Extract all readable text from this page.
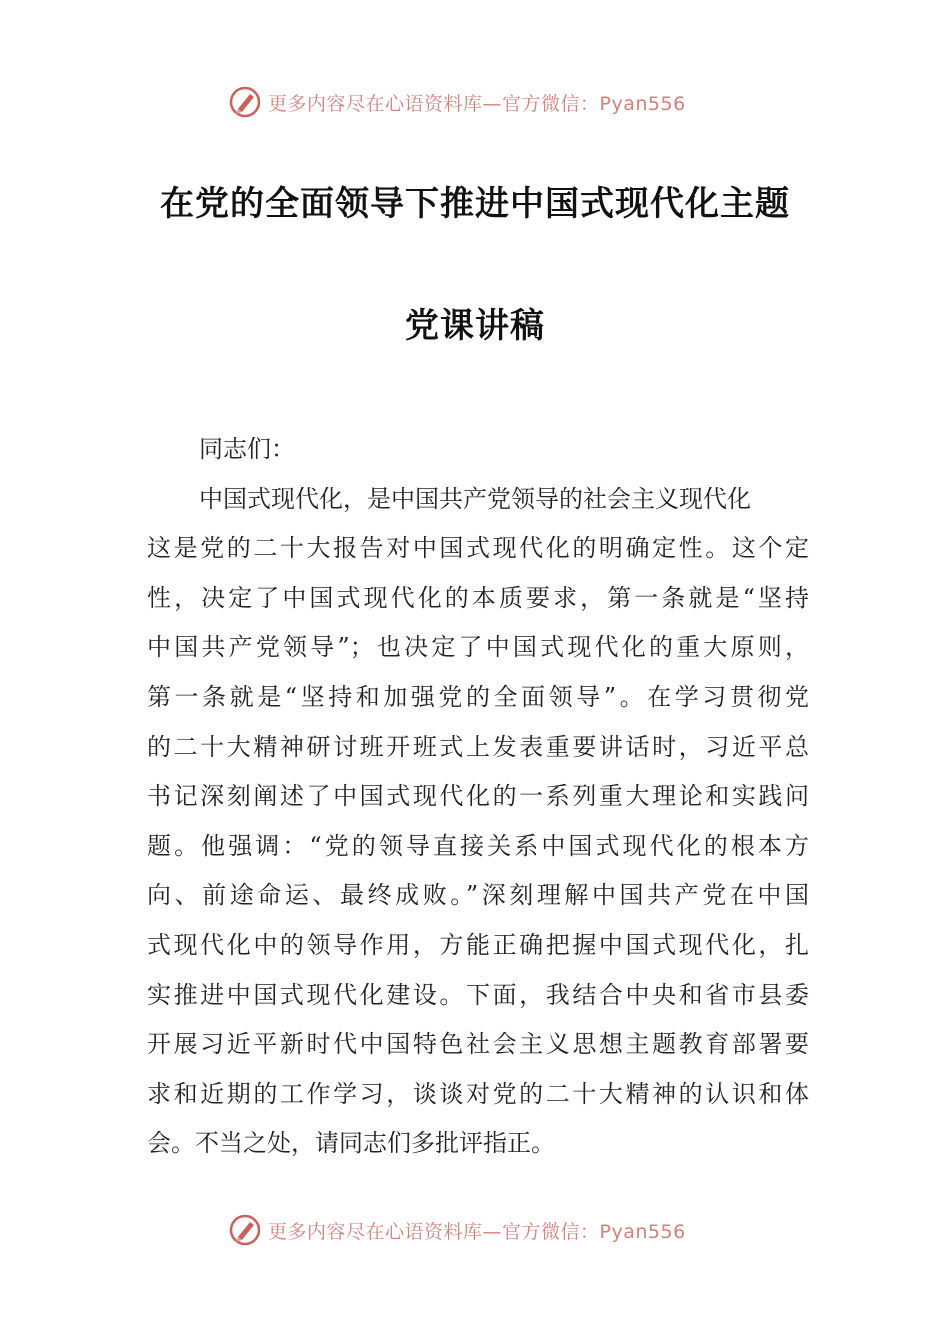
更多内容尽在心语资料库—官方微信：Pyan556
在党的全面领导下推进中国式现代化主题
党课讲稿
同志们：
中国式现代化，是中国共产党领导的社会主义现代化
这是党的二十大报告对中国式现代化的明确定性。这个定
性，决定了中国式现代化的本质要求，第一条就是“坚持
中国共产党领导”；也决定了中国式现代化的重大原则，
第一条就是“坚持和加强党的全面领导”。在学习贯彻党
的二十大精神研讨班开班式上发表重要讲话时，习近平总
书记深刻阐述了中国式现代化的一系列重大理论和实践问
题。他强调：“党的领导直接关系中国式现代化的根本方
向、前途命运、最终成败。”深刻理解中国共产党在中国
式现代化中的领导作用，方能正确把握中国式现代化，扎
实推进中国式现代化建设。下面，我结合中央和省市县委
开展习近平新时代中国特色社会主义思想主题教育部署要
求和近期的工作学习，谈谈对党的二十大精神的认识和体
会。不当之处，请同志们多批评指正。
更多内容尽在心语资料库—官方微信：Pyan556
